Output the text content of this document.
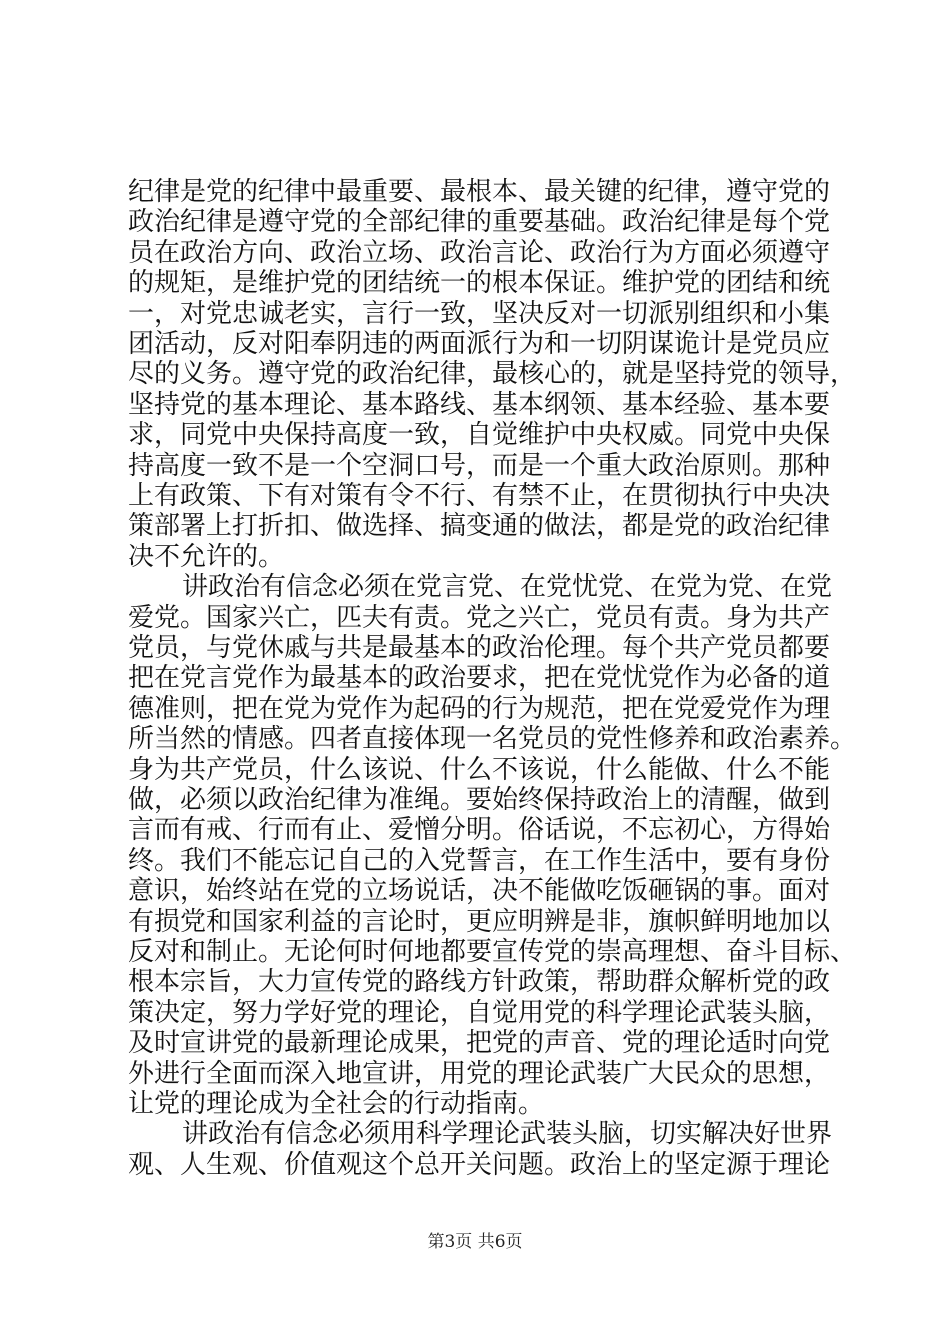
纪律是党的纪律中最重要、最根本、最关键的纪律，遵守党的
政治纪律是遵守党的全部纪律的重要基础。政治纪律是每个党
员在政治方向、政治立场、政治言论、政治行为方面必须遵守
的规矩，是维护党的团结统一的根本保证。维护党的团结和统
一，对党忠诚老实，言行一致，坚决反对一切派别组织和小集
团活动，反对阳奉阴违的两面派行为和一切阴谋诡计是党员应
尽的义务。遵守党的政治纪律，最核心的，就是坚持党的领导，
坚持党的基本理论、基本路线、基本纲领、基本经验、基本要
求，同党中央保持高度一致，自觉维护中央权威。同党中央保
持高度一致不是一个空洞口号，而是一个重大政治原则。那种
上有政策、下有对策有令不行、有禁不止，在贯彻执行中央决
策部署上打折扣、做选择、搞变通的做法，都是党的政治纪律
决不允许的。
讲政治有信念必须在党言党、在党忧党、在党为党、在党
爱党。国家兴亡，匹夫有责。党之兴亡，党员有责。身为共产
党员，与党休戚与共是最基本的政治伦理。每个共产党员都要
把在党言党作为最基本的政治要求，把在党忧党作为必备的道
德准则，把在党为党作为起码的行为规范，把在党爱党作为理
所当然的情感。四者直接体现一名党员的党性修养和政治素养。
身为共产党员，什么该说、什么不该说，什么能做、什么不能
做，必须以政治纪律为准绳。要始终保持政治上的清醒，做到
言而有戒、行而有止、爱憎分明。俗话说，不忘初心，方得始
终。我们不能忘记自己的入党誓言，在工作生活中，要有身份
意识，始终站在党的立场说话，决不能做吃饭砸锅的事。面对
有损党和国家利益的言论时，更应明辨是非，旗帜鲜明地加以
反对和制止。无论何时何地都要宣传党的崇高理想、奋斗目标、
根本宗旨，大力宣传党的路线方针政策，帮助群众解析党的政
策决定，努力学好党的理论，自觉用党的科学理论武装头脑，
及时宣讲党的最新理论成果，把党的声音、党的理论适时向党
外进行全面而深入地宣讲，用党的理论武装广大民众的思想，
让党的理论成为全社会的行动指南。
讲政治有信念必须用科学理论武装头脑，切实解决好世界
观、人生观、价值观这个总开关问题。政治上的坚定源于理论
第3页 共6页
